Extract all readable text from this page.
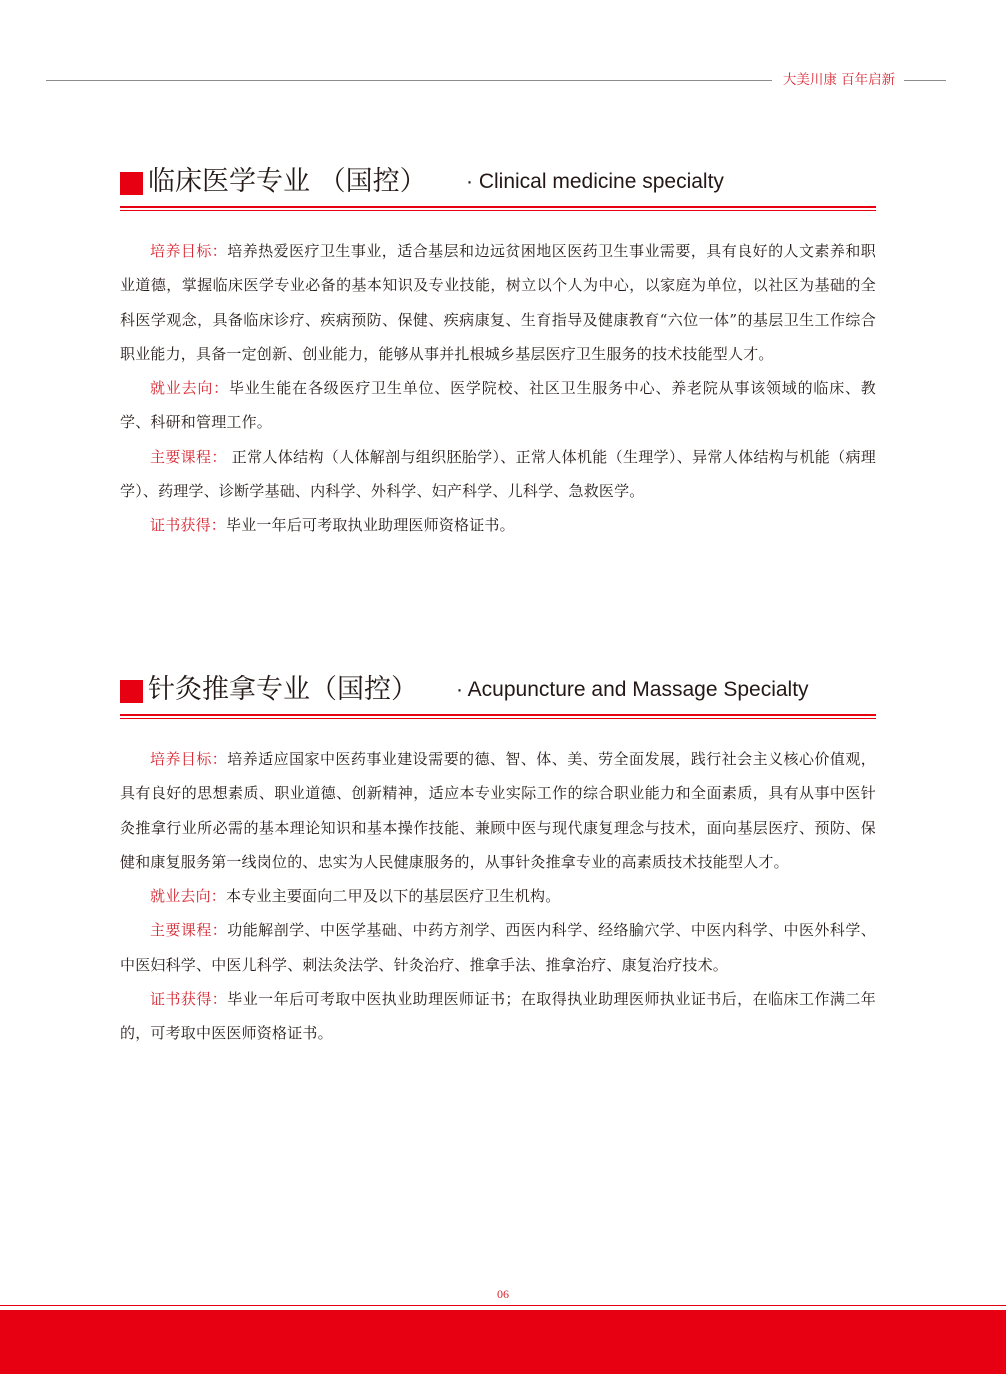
大美川康 百年启新
临床医学专业 （国控） · Clinical medicine specialty

培养目标：培养热爱医疗卫生事业，适合基层和边远贫困地区医药卫生事业需要，具有良好的人文素养和职业道德，掌握临床医学专业必备的基本知识及专业技能，树立以个人为中心，以家庭为单位，以社区为基础的全科医学观念，具备临床诊疗、疾病预防、保健、疾病康复、生育指导及健康教育“六位一体”的基层卫生工作综合职业能力，具备一定创新、创业能力，能够从事并扎根城乡基层医疗卫生服务的技术技能型人才。

就业去向：毕业生能在各级医疗卫生单位、医学院校、社区卫生服务中心、养老院从事该领域的临床、教学、科研和管理工作。

主要课程： 正常人体结构（人体解剖与组织胚胎学）、正常人体机能（生理学）、异常人体结构与机能（病理学）、药理学、诊断学基础、内科学、外科学、妇产科学、儿科学、急救医学。

证书获得：毕业一年后可考取执业助理医师资格证书。

针灸推拿专业（国控） · Acupuncture and Massage Specialty

培养目标：培养适应国家中医药事业建设需要的德、智、体、美、劳全面发展，践行社会主义核心价值观，具有良好的思想素质、职业道德、创新精神，适应本专业实际工作的综合职业能力和全面素质，具有从事中医针灸推拿行业所必需的基本理论知识和基本操作技能、兼顾中医与现代康复理念与技术，面向基层医疗、预防、保健和康复服务第一线岗位的、忠实为人民健康服务的，从事针灸推拿专业的高素质技术技能型人才。

就业去向：本专业主要面向二甲及以下的基层医疗卫生机构。

主要课程：功能解剖学、中医学基础、中药方剂学、西医内科学、经络腧穴学、中医内科学、中医外科学、中医妇科学、中医儿科学、刺法灸法学、针灸治疗、推拿手法、推拿治疗、康复治疗技术。

证书获得：毕业一年后可考取中医执业助理医师证书；在取得执业助理医师执业证书后，在临床工作满二年的，可考取中医医师资格证书。

06
